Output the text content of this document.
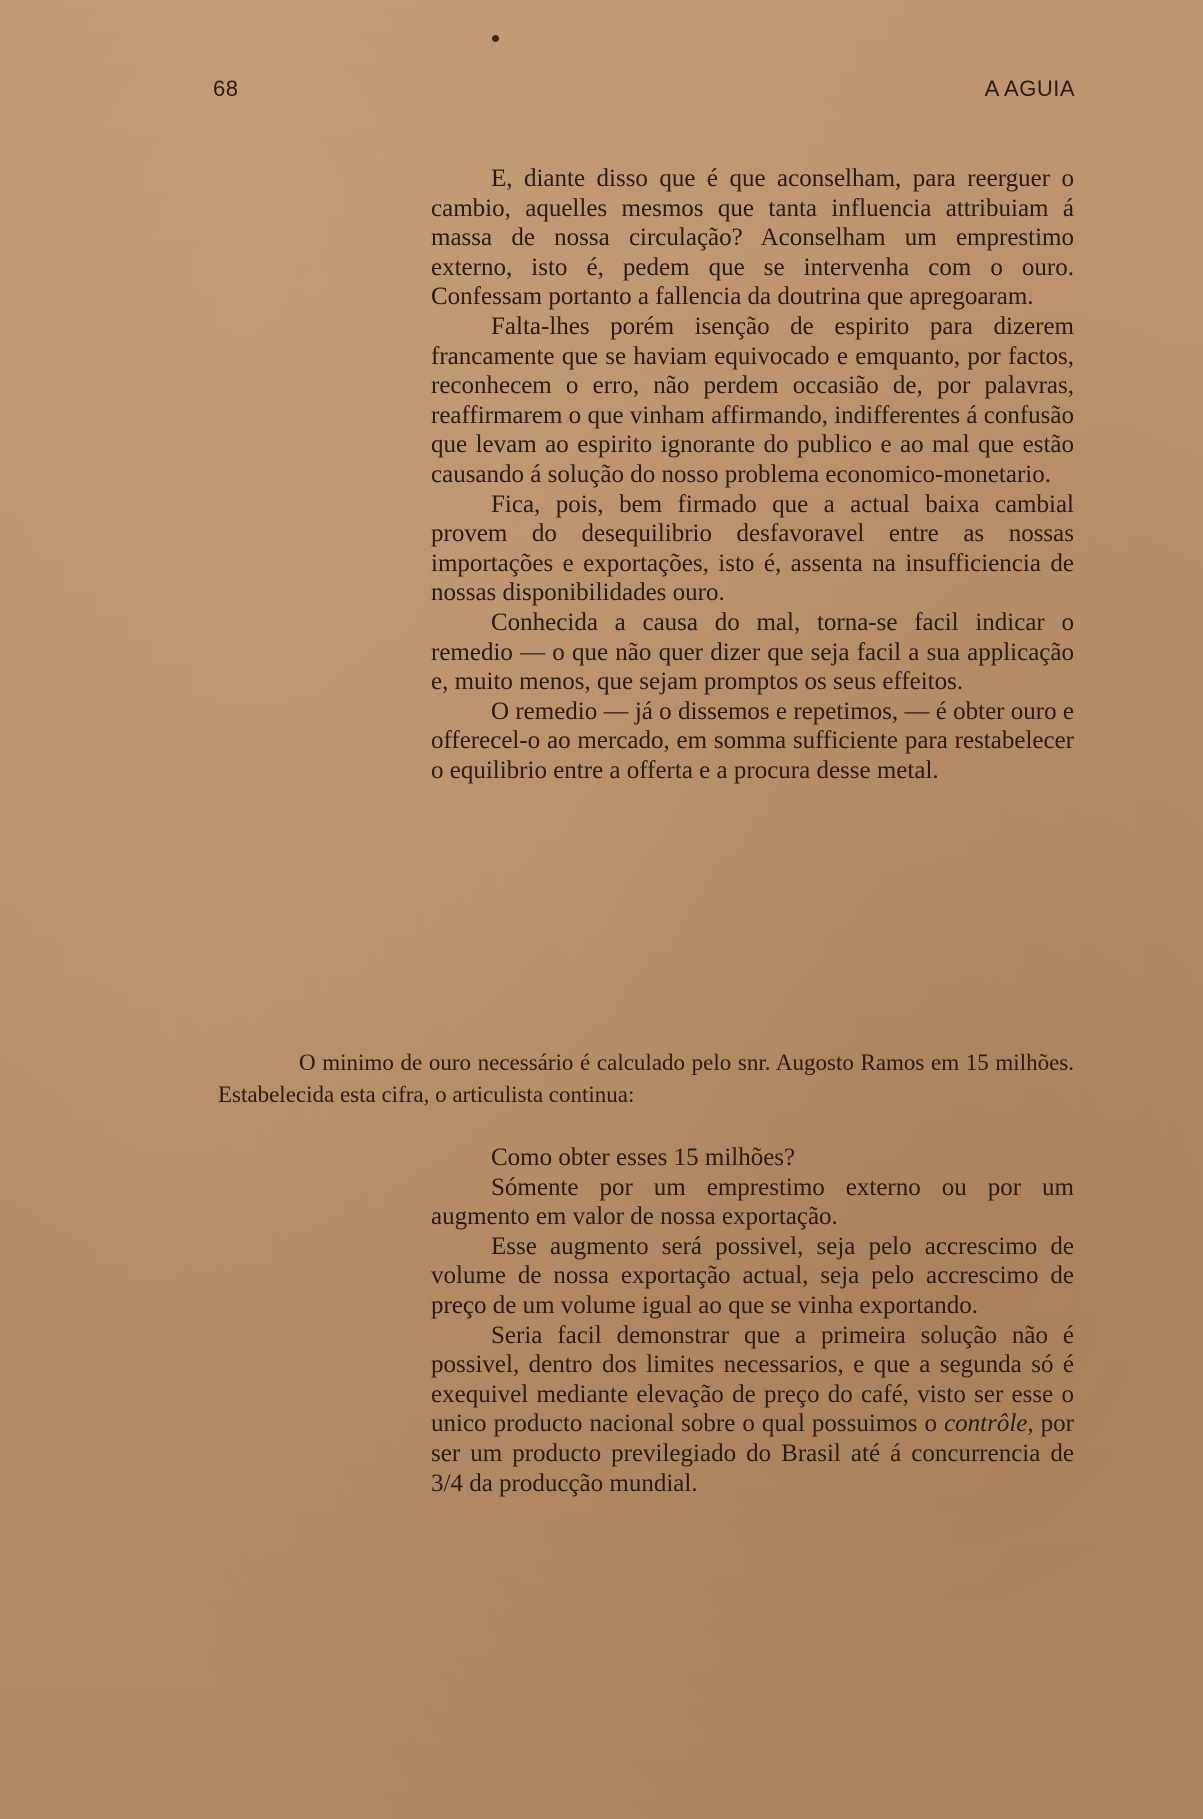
68	A AGUIA

E, diante disso que é que aconselham, para reerguer o cambio, aquelles mesmos que tanta influencia attribuiam á massa de nossa circulação? Aconselham um emprestimo externo, isto é, pedem que se intervenha com o ouro. Confessam portanto a fallencia da doutrina que apregoaram.

Falta-lhes porém isenção de espirito para dizerem francamente que se haviam equivocado e emquanto, por factos, reconhecem o erro, não perdem occasião de, por palavras, reaffirmarem o que vinham affirmando, indifferentes á confusão que levam ao espirito ignorante do publico e ao mal que estão causando á solução do nosso problema economico-monetario.

Fica, pois, bem firmado que a actual baixa cambial provem do desequilibrio desfavoravel entre as nossas importações e exportações, isto é, assenta na insufficiencia de nossas disponibilidades ouro.

Conhecida a causa do mal, torna-se facil indicar o remedio — o que não quer dizer que seja facil a sua applicação e, muito menos, que sejam promptos os seus effeitos.

O remedio — já o dissemos e repetimos, — é obter ouro e offerecel-o ao mercado, em somma sufficiente para restabelecer o equilibrio entre a offerta e a procura desse metal.

O minimo de ouro necessário é calculado pelo snr. Augosto Ramos em 15 milhões. Estabelecida esta cifra, o articulista continua:

Como obter esses 15 milhões?

Sómente por um emprestimo externo ou por um augmento em valor de nossa exportação.

Esse augmento será possivel, seja pelo accrescimo de volume de nossa exportação actual, seja pelo accrescimo de preço de um volume igual ao que se vinha exportando.

Seria facil demonstrar que a primeira solução não é possivel, dentro dos limites necessarios, e que a segunda só é exequivel mediante elevação de preço do café, visto ser esse o unico producto nacional sobre o qual possuimos o contrôle, por ser um producto previlegiado do Brasil até á concurrencia de 3/4 da producção mundial.
